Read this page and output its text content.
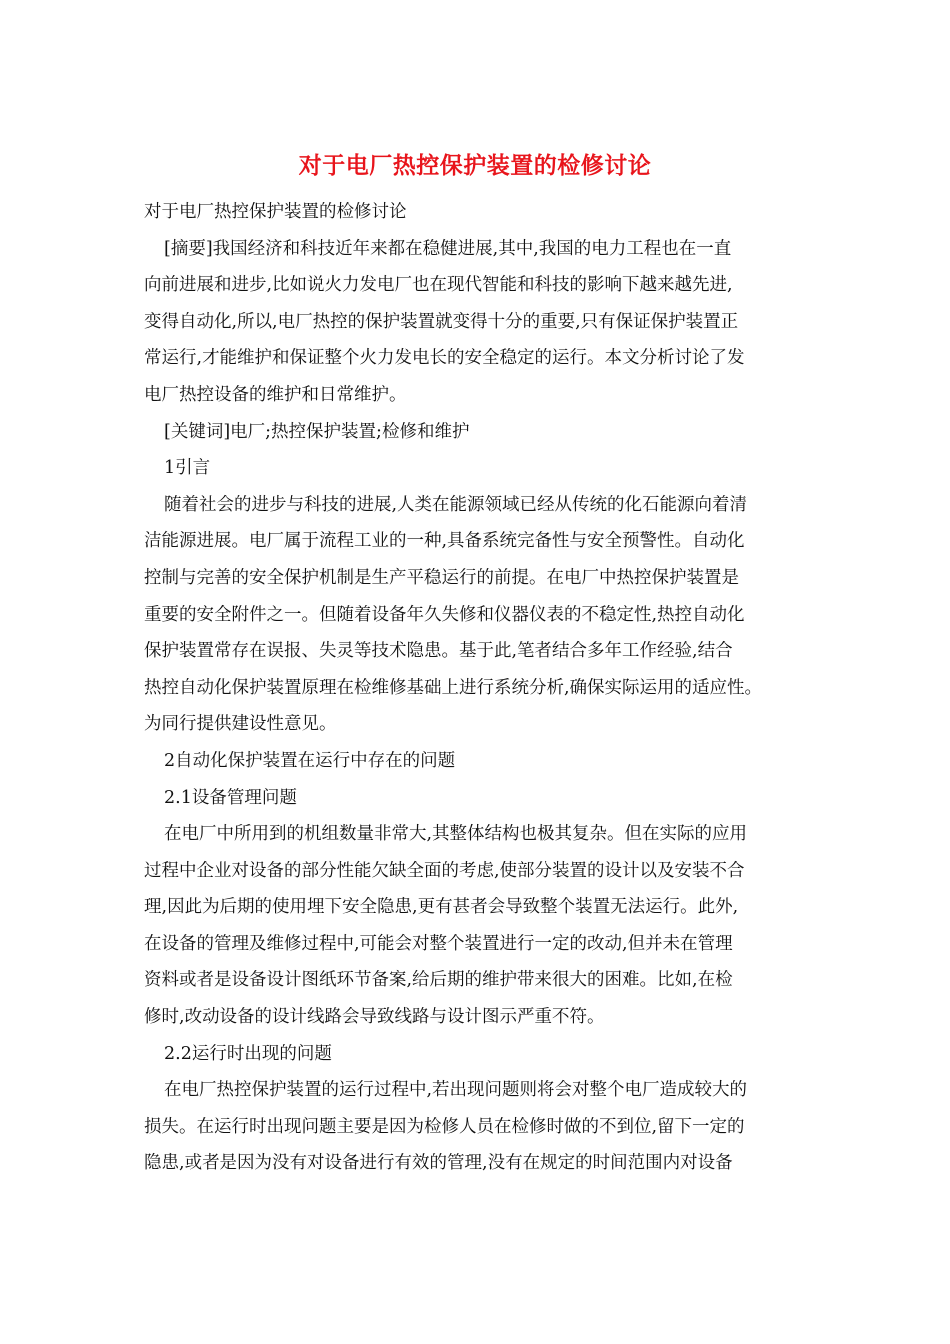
对于电厂热控保护装置的检修讨论
对于电厂热控保护装置的检修讨论
[摘要]我国经济和科技近年来都在稳健进展,其中,我国的电力工程也在一直
向前进展和进步,比如说火力发电厂也在现代智能和科技的影响下越来越先进,
变得自动化,所以,电厂热控的保护装置就变得十分的重要,只有保证保护装置正
常运行,才能维护和保证整个火力发电长的安全稳定的运行。本文分析讨论了发
电厂热控设备的维护和日常维护。
[关键词]电厂;热控保护装置;检修和维护
1引言
随着社会的进步与科技的进展,人类在能源领域已经从传统的化石能源向着清
洁能源进展。电厂属于流程工业的一种,具备系统完备性与安全预警性。自动化
控制与完善的安全保护机制是生产平稳运行的前提。在电厂中热控保护装置是
重要的安全附件之一。但随着设备年久失修和仪器仪表的不稳定性,热控自动化
保护装置常存在误报、失灵等技术隐患。基于此,笔者结合多年工作经验,结合
热控自动化保护装置原理在检维修基础上进行系统分析,确保实际运用的适应性。
为同行提供建设性意见。
2自动化保护装置在运行中存在的问题
2.1设备管理问题
在电厂中所用到的机组数量非常大,其整体结构也极其复杂。但在实际的应用
过程中企业对设备的部分性能欠缺全面的考虑,使部分装置的设计以及安装不合
理,因此为后期的使用埋下安全隐患,更有甚者会导致整个装置无法运行。此外,
在设备的管理及维修过程中,可能会对整个装置进行一定的改动,但并未在管理
资料或者是设备设计图纸环节备案,给后期的维护带来很大的困难。比如,在检
修时,改动设备的设计线路会导致线路与设计图示严重不符。
2.2运行时出现的问题
在电厂热控保护装置的运行过程中,若出现问题则将会对整个电厂造成较大的
损失。在运行时出现问题主要是因为检修人员在检修时做的不到位,留下一定的
隐患,或者是因为没有对设备进行有效的管理,没有在规定的时间范围内对设备
